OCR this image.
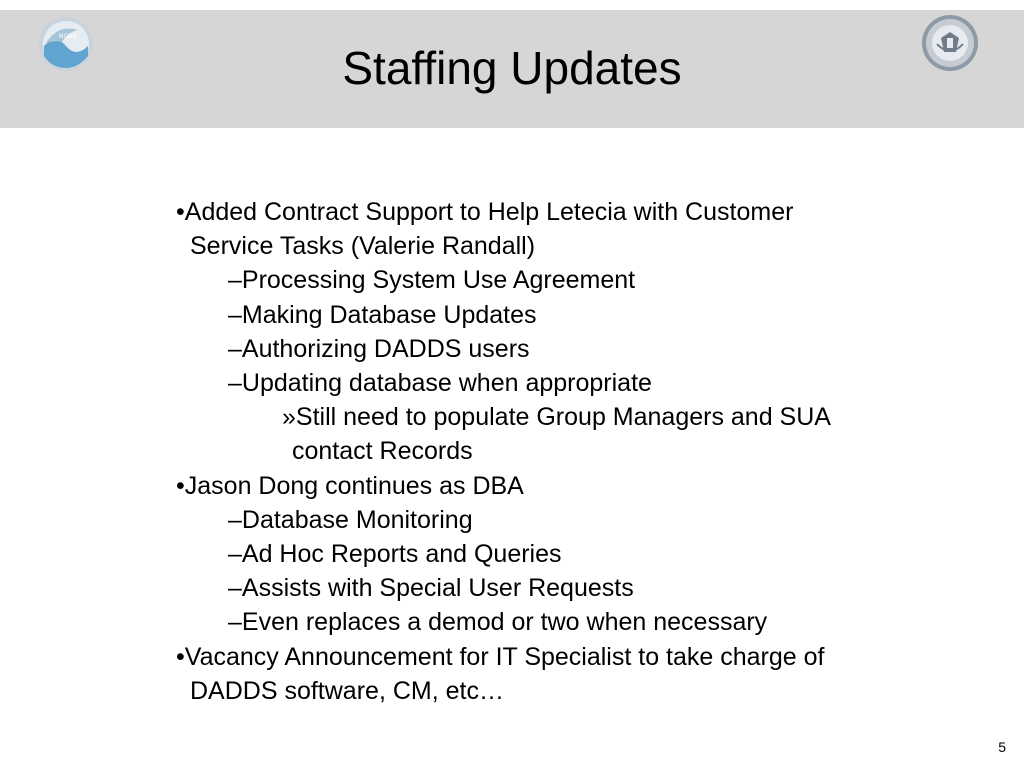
NOAA
Staffing Updates
•Added Contract Support to Help Letecia with Customer
Service Tasks (Valerie Randall)
–Processing System Use Agreement
–Making Database Updates
–Authorizing DADDS users
–Updating database when appropriate
»Still need to populate Group Managers and SUA
contact Records
•Jason Dong continues as DBA
–Database Monitoring
–Ad Hoc Reports and Queries
–Assists with Special User Requests
–Even replaces a demod or two when necessary
•Vacancy Announcement for IT Specialist to take charge of
DADDS software, CM, etc…
5
